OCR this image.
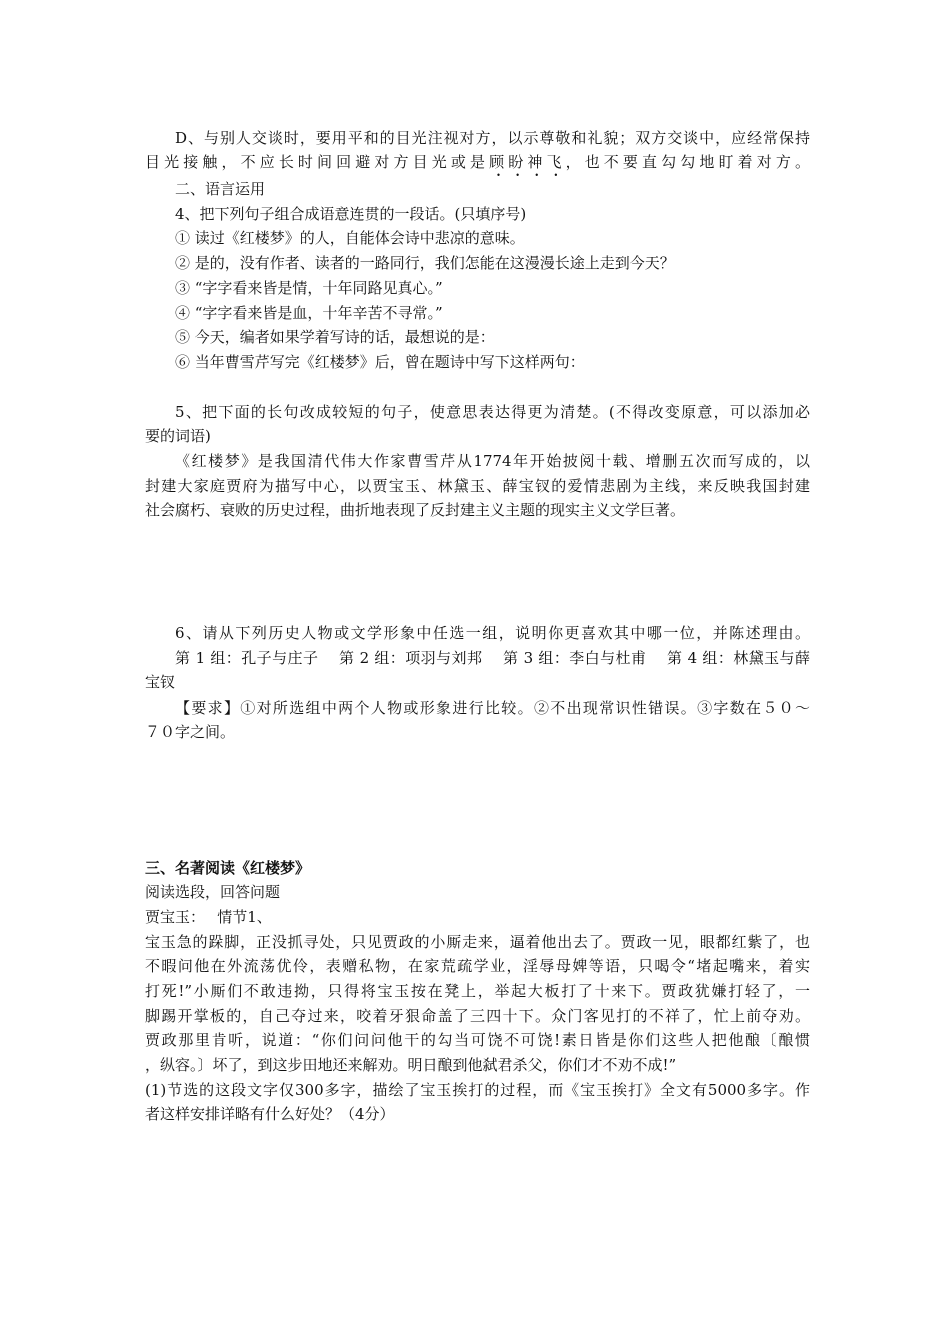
D、与别人交谈时，要用平和的目光注视对方，以示尊敬和礼貌；双方交谈中，应经常保持
目光接触，不应长时间回避对方目光或是顾盼神飞，也不要直勾勾地盯着对方。
二、语言运用
4、把下列句子组合成语意连贯的一段话。(只填序号)
① 读过《红楼梦》的人，自能体会诗中悲凉的意味。
② 是的，没有作者、读者的一路同行，我们怎能在这漫漫长途上走到今天？
③ “字字看来皆是情，十年同路见真心。”
④ “字字看来皆是血，十年辛苦不寻常。”
⑤ 今天，编者如果学着写诗的话，最想说的是：
⑥ 当年曹雪芹写完《红楼梦》后，曾在题诗中写下这样两句：
5、把下面的长句改成较短的句子，使意思表达得更为清楚。(不得改变原意，可以添加必
要的词语)
《红楼梦》是我国清代伟大作家曹雪芹从1774年开始披阅十载、增删五次而写成的，以
封建大家庭贾府为描写中心，以贾宝玉、林黛玉、薛宝钗的爱情悲剧为主线，来反映我国封建
社会腐朽、衰败的历史过程，曲折地表现了反封建主义主题的现实主义文学巨著。
6、请从下列历史人物或文学形象中任选一组，说明你更喜欢其中哪一位，并陈述理由。
第 1 组：孔子与庄子　 第 2 组：项羽与刘邦　 第 3 组：李白与杜甫　 第 4 组：林黛玉与薛
宝钗
【要求】①对所选组中两个人物或形象进行比较。②不出现常识性错误。③字数在５０～
７０字之间。
三、名著阅读《红楼梦》
阅读选段，回答问题
贾宝玉：　 情节1、
宝玉急的跺脚，正没抓寻处，只见贾政的小厮走来，逼着他出去了。贾政一见，眼都红紫了，也
不暇问他在外流荡优伶，表赠私物，在家荒疏学业，淫辱母婢等语，只喝令“堵起嘴来，着实
打死!”小厮们不敢违拗，只得将宝玉按在凳上，举起大板打了十来下。贾政犹嫌打轻了，一
脚踢开掌板的，自己夺过来，咬着牙狠命盖了三四十下。众门客见打的不祥了，忙上前夺劝。
贾政那里肯听，说道：“你们问问他干的勾当可饶不可饶!素日皆是你们这些人把他酿〔酿惯
，纵容。〕坏了，到这步田地还来解劝。明日酿到他弑君杀父，你们才不劝不成!”
(1)节选的这段文字仅300多字，描绘了宝玉挨打的过程，而《宝玉挨打》全文有5000多字。作
者这样安排详略有什么好处？（4分）
